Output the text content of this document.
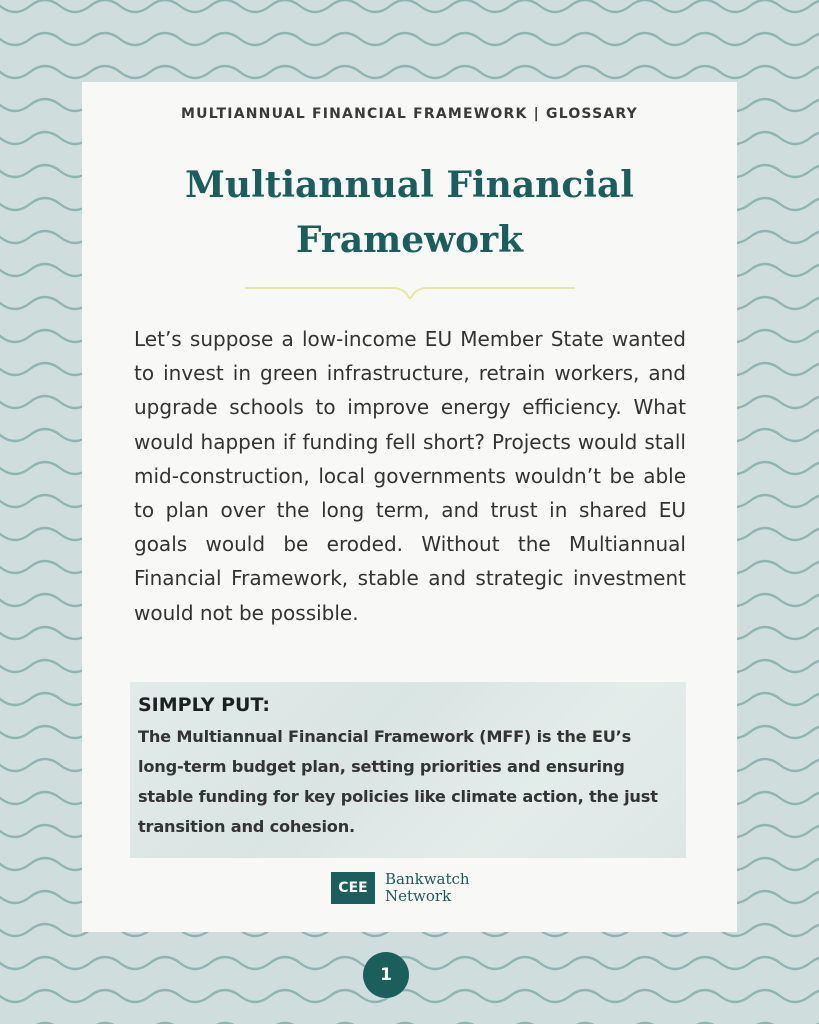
MULTIANNUAL FINANCIAL FRAMEWORK | GLOSSARY
Multiannual Financial Framework

Let’s suppose a low-income EU Member State wanted to invest in green infrastructure, retrain workers, and upgrade schools to improve energy efficiency. What would happen if funding fell short? Projects would stall mid-construction, local governments wouldn’t be able to plan over the long term, and trust in shared EU goals would be eroded. Without the Multiannual Financial Framework, stable and strategic investment would not be possible.

SIMPLY PUT:
The Multiannual Financial Framework (MFF) is the EU’s long-term budget plan, setting priorities and ensuring stable funding for key policies like climate action, the just transition and cohesion.
CEE	Bankwatch
Network
1
